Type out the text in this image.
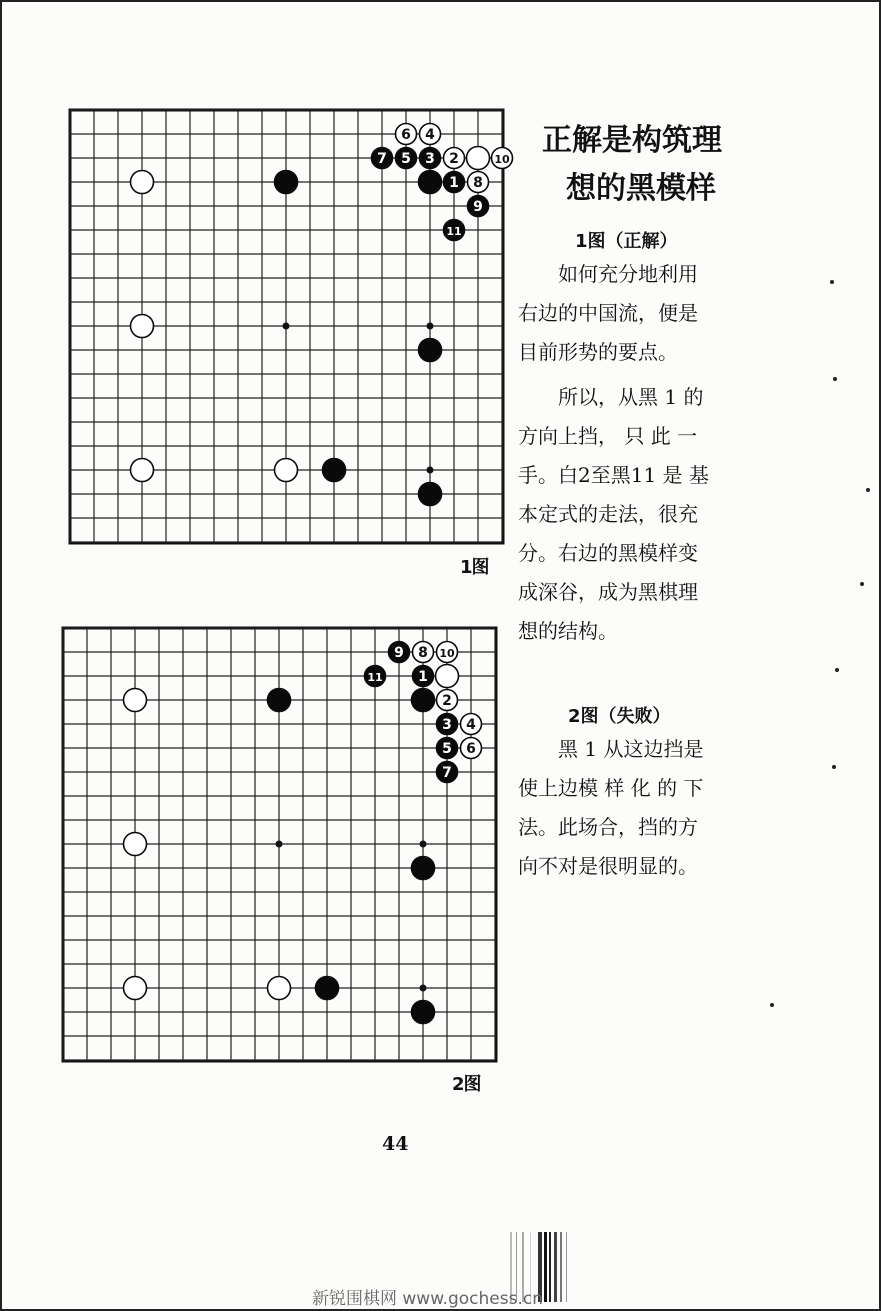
1
2
3
4
5
6
7
8
9
10
11
1图
1
2
3 4
5 6
7
8
9	10
11
2图
正解是构筑理
想的黑模样
1图（正解）
　　如何充分地利用
右边的中国流，便是
目前形势的要点。
　　所以，从黑 1 的
方向上挡， 只 此 一
手。白2至黑11 是 基
本定式的走法，很充
分。右边的黑模样变
成深谷，成为黑棋理
想的结构。
2图（失败）
　　黑 1 从这边挡是
使上边模 样 化 的 下
法。此场合，挡的方
向不对是很明显的。
44
新锐围棋网 www.gochess.cn
